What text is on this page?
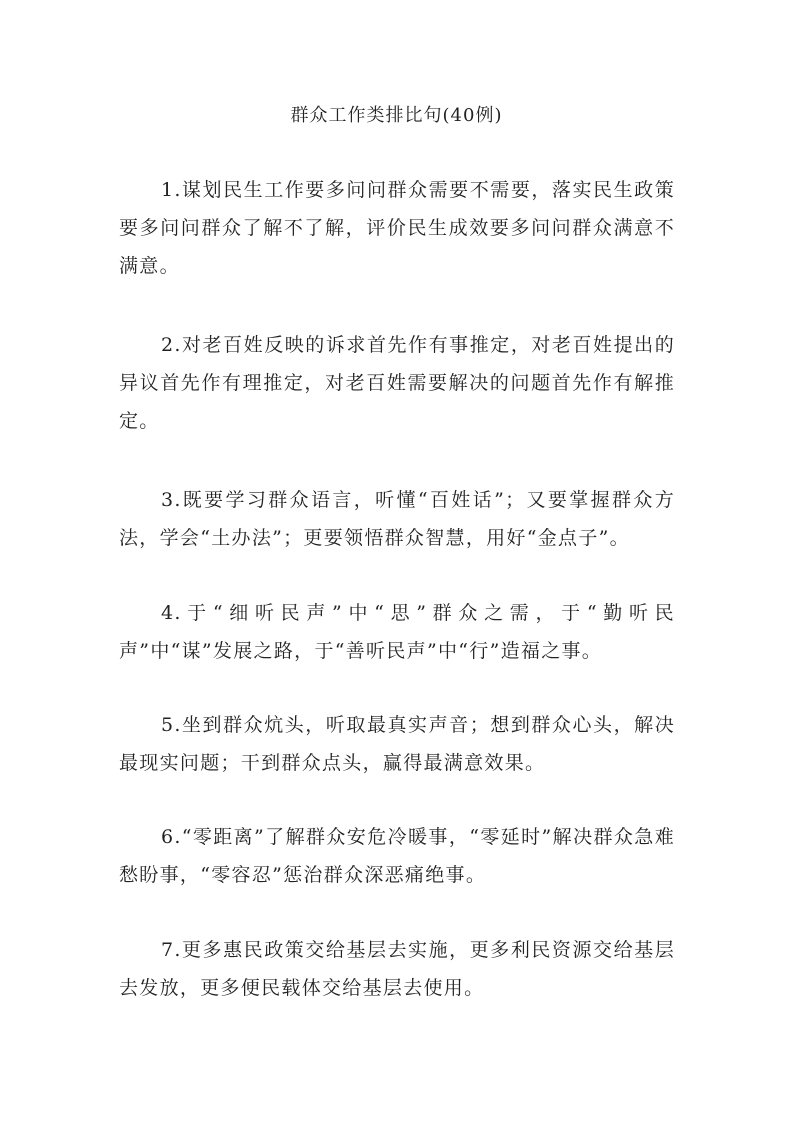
群众工作类排比句(40例)

1.谋划民生工作要多问问群众需要不需要，落实民生政策要多问问群众了解不了解，评价民生成效要多问问群众满意不满意。

2.对老百姓反映的诉求首先作有事推定，对老百姓提出的异议首先作有理推定，对老百姓需要解决的问题首先作有解推定。

3.既要学习群众语言，听懂“百姓话”；又要掌握群众方法，学会“土办法”；更要领悟群众智慧，用好“金点子”。

4.于“细听民声”中“思”群众之需，于“勤听民声”中“谋”发展之路，于“善听民声”中“行”造福之事。

5.坐到群众炕头，听取最真实声音；想到群众心头，解决最现实问题；干到群众点头，赢得最满意效果。

6.“零距离”了解群众安危冷暖事，“零延时”解决群众急难愁盼事，“零容忍”惩治群众深恶痛绝事。

7.更多惠民政策交给基层去实施，更多利民资源交给基层去发放，更多便民载体交给基层去使用。
